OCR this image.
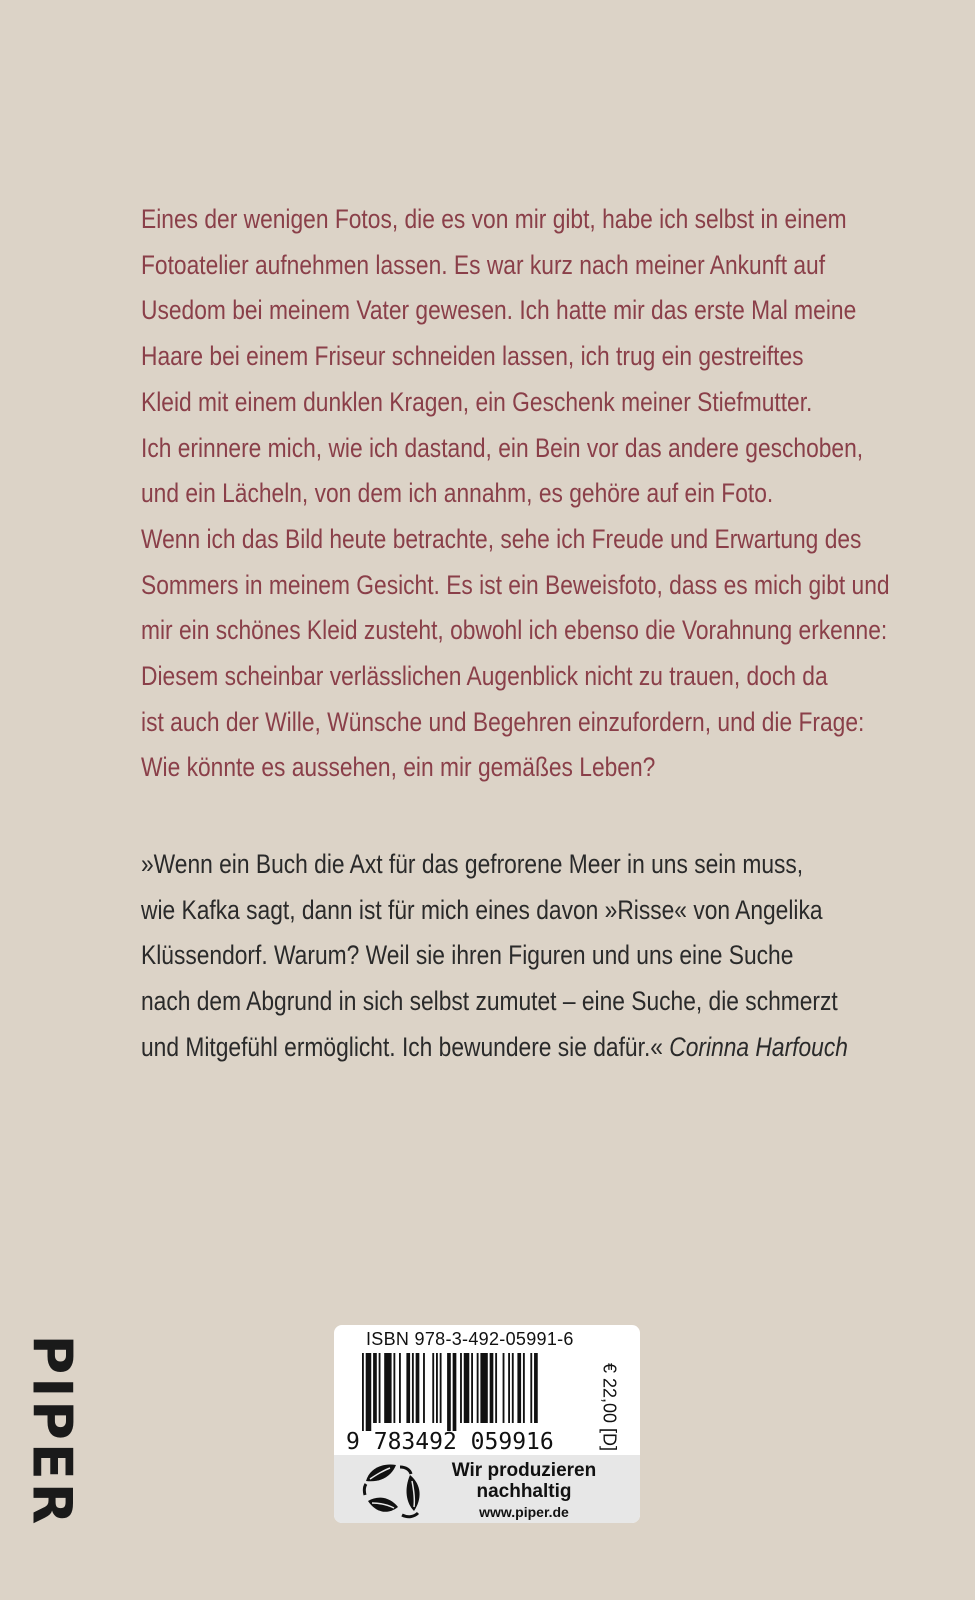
Eines der wenigen Fotos, die es von mir gibt, habe ich selbst in einem
Fotoatelier aufnehmen lassen. Es war kurz nach meiner Ankunft auf
Usedom bei meinem Vater gewesen. Ich hatte mir das erste Mal meine
Haare bei einem Friseur schneiden lassen, ich trug ein gestreiftes
Kleid mit einem dunklen Kragen, ein Geschenk meiner Stiefmutter.
Ich erinnere mich, wie ich dastand, ein Bein vor das andere geschoben,
und ein Lächeln, von dem ich annahm, es gehöre auf ein Foto.
Wenn ich das Bild heute betrachte, sehe ich Freude und Erwartung des
Sommers in meinem Gesicht. Es ist ein Beweisfoto, dass es mich gibt und
mir ein schönes Kleid zusteht, obwohl ich ebenso die Vorahnung erkenne:
Diesem scheinbar verlässlichen Augenblick nicht zu trauen, doch da
ist auch der Wille, Wünsche und Begehren einzufordern, und die Frage:
Wie könnte es aussehen, ein mir gemäßes Leben?
»Wenn ein Buch die Axt für das gefrorene Meer in uns sein muss,
wie Kafka sagt, dann ist für mich eines davon »Risse« von Angelika
Klüssendorf. Warum? Weil sie ihren Figuren und uns eine Suche
nach dem Abgrund in sich selbst zumutet – eine Suche, die schmerzt
und Mitgefühl ermöglicht. Ich bewundere sie dafür.« Corinna Harfouch
PIPER	ISBN 978-3-492-05991-6
€ 22,00 [D]
9 783492 059916
Wir produzieren
nachhaltig
www.piper.de
